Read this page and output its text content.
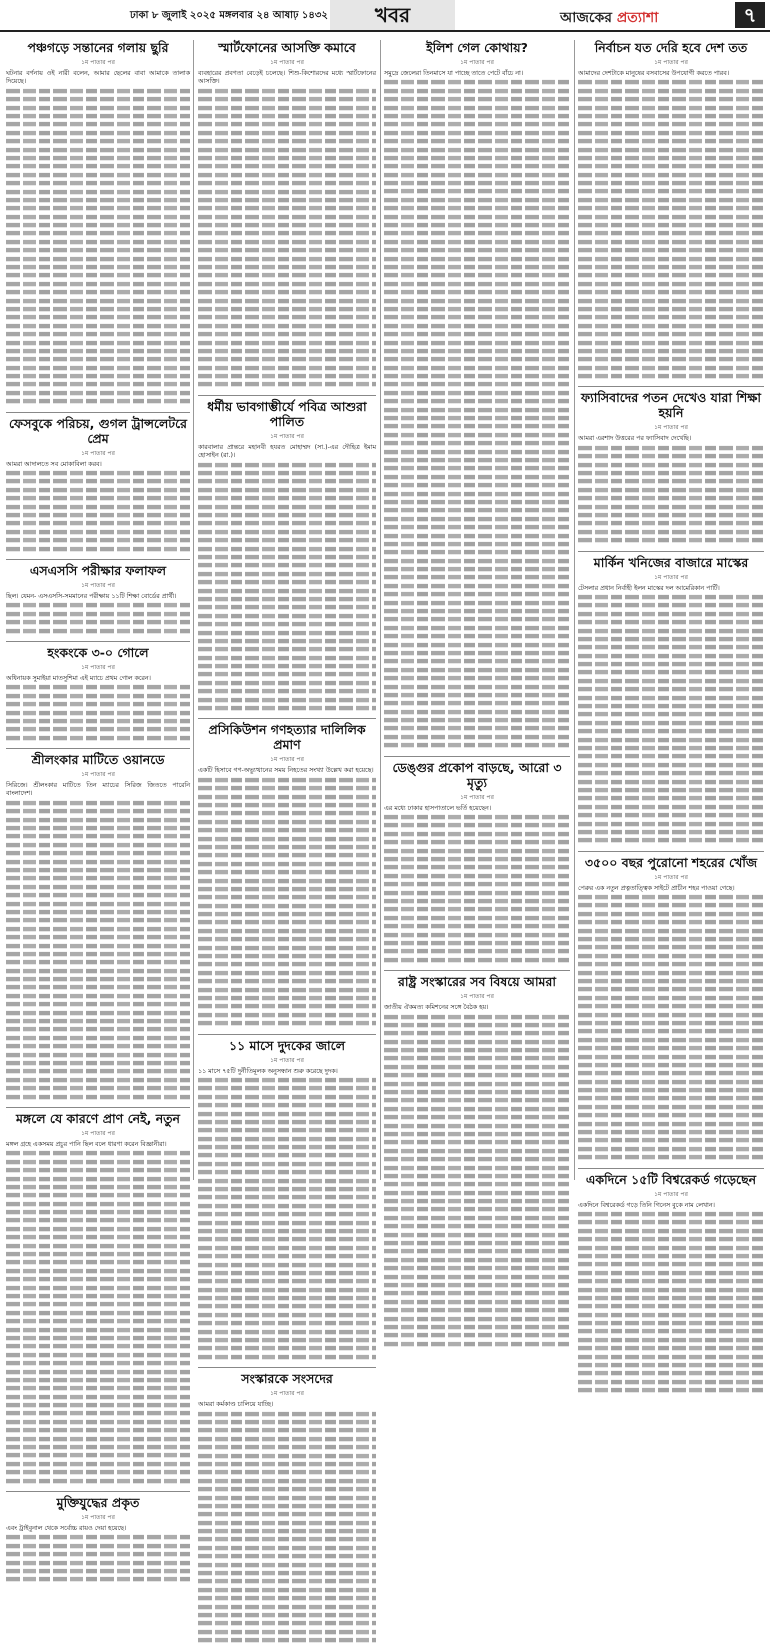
ঢাকা ৮ জুলাই ২০২৫ মঙ্গলবার ২৪ আষাঢ় ১৪৩২	খবর	আজকের প্রত্যাশা	৭
পঞ্চগড়ে সন্তানের গলায় ছুরি
১ম পাতার পর

ঘটনার বর্ণনায় ওই নারী বলেন, আমার ছেলের বাবা আমাকে তালাক দিয়েছে।

ফেসবুকে পরিচয়, গুগল ট্রান্সলেটরে প্রেম
১ম পাতার পর

আমরা আদালতে সব মোকাবিলা করব।

এসএসসি পরীক্ষার ফলাফল
১ম পাতার পর

ছিল। যেমন- এসএসসি-সমমানের পরীক্ষায় ১১টি শিক্ষা বোর্ডের প্রার্থী।

হংকংকে ৩-০ গোলে
১ম পাতার পর

অধিনায়ক সুমাইয়া মাতসুশিমা এই ম্যাচে প্রথম গোল করেন।

শ্রীলংকার মাটিতে ওয়ানডে
১ম পাতার পর

সিরিজে। শ্রীলংকার মাটিতে তিন ম্যাচের সিরিজ জিততে পারেনি বাংলাদেশ।

মঙ্গলে যে কারণে প্রাণ নেই, নতুন
১ম পাতার পর

মঙ্গল গ্রহে একসময় প্রচুর পানি ছিল বলে ধারণা করেন বিজ্ঞানীরা।

মুক্তিযুদ্ধের প্রকৃত
১ম পাতার পর

এবং ট্রাইবুনাল থেকে সর্বোচ্চ রায়ও দেয়া হয়েছে।

স্মার্টফোনের আসক্তি কমাবে
১ম পাতার পর

ব্যবহারের প্রবণতা বেড়েই চলেছে। শিশু-কিশোরদের মধ্যে স্মার্টফোনের আসক্তি।

ধর্মীয় ভাবগাম্ভীর্যে পবিত্র আশুরা পালিত
১ম পাতার পর

কারবালার প্রান্তরে মহানবী হযরত মোহাম্মদ (সা.)-এর দৌহিত্র ইমাম হোসাইন (রা.)।

প্রসিকিউশন গণহত্যার দালিলিক প্রমাণ
১ম পাতার পর

একটি হিসাবে গণ-অভ্যুত্থানের সময় নিহতের সংখ্যা উল্লেখ করা হয়েছে।

১১ মাসে দুদকের জালে
১ম পাতার পর

১১ মাসে ৭৫টি দুর্নীতিমূলক অনুসন্ধান শুরু করেছে দুদক।

সংস্কারকে সংসদের
১ম পাতার পর

আমরা কর্মকাণ্ড চালিয়ে যাচ্ছি।

ইলিশ গেল কোথায়?
১ম পাতার পর

সমুদ্রে জেলেরা তিনমাসে যা পাচ্ছে তাতে পেটে বাঁচে না।

ডেঙ্গুর প্রকোপ বাড়ছে, আরো ৩ মৃত্যু
১ম পাতার পর

এর মধ্যে ঢাকার হাসপাতালে ভর্তি হয়েছেন।

রাষ্ট্র সংস্কারের সব বিষয়ে আমরা
১ম পাতার পর

জাতীয় ঐকমত্য কমিশনের সঙ্গে বৈঠক হয়।

নির্বাচন যত দেরি হবে দেশ তত
১ম পাতার পর

আমাদের দেশটাকে মানুষের বসবাসের উপযোগী করতে পারব।

ফ্যাসিবাদের পতন দেখেও যারা শিক্ষা হয়নি
১ম পাতার পর

আমরা এরশাদ উত্তরের পর ফ্যাসিবাদ দেখেছি।

মার্কিন খনিজের বাজারে মাস্কের
১ম পাতার পর

টেসলার প্রধান নির্বাহী ইলন মাস্কের দল আমেরিকান পার্টি।

৩৫০০ বছর পুরোনো শহরের খোঁজ
১ম পাতার পর

পেরুর এক নতুন প্রত্নতাত্ত্বিক সাইটে প্রাচীন শহর পাওয়া গেছে।

একদিনে ১৫টি বিশ্বরেকর্ড গড়েছেন
১ম পাতার পর

একদিনে বিশ্বরেকর্ড গড়ে তিনি গিনেস বুকে নাম লেখান।
